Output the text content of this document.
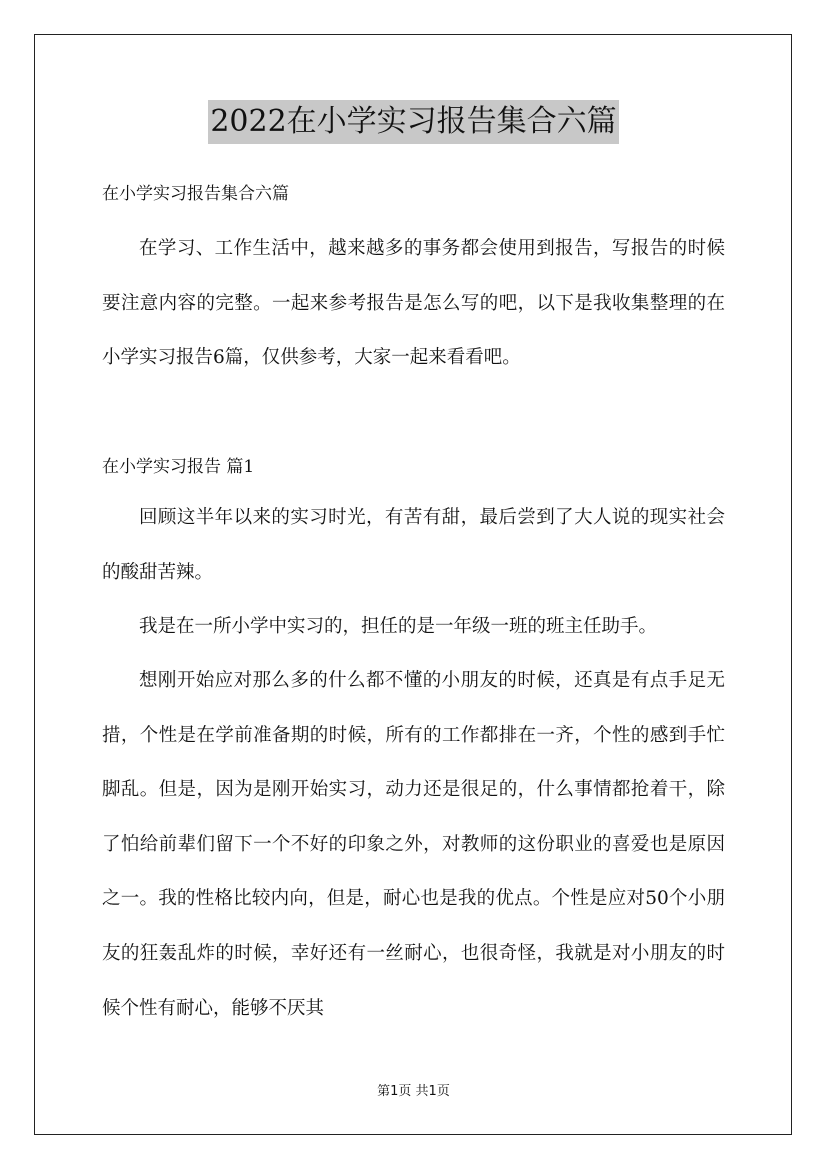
2022在小学实习报告集合六篇
在小学实习报告集合六篇

在学习、工作生活中，越来越多的事务都会使用到报告，写报告的时候要注意内容的完整。一起来参考报告是怎么写的吧，以下是我收集整理的在小学实习报告6篇，仅供参考，大家一起来看看吧。

在小学实习报告 篇1

回顾这半年以来的实习时光，有苦有甜，最后尝到了大人说的现实社会的酸甜苦辣。

我是在一所小学中实习的，担任的是一年级一班的班主任助手。

想刚开始应对那么多的什么都不懂的小朋友的时候，还真是有点手足无措，个性是在学前准备期的时候，所有的工作都排在一齐，个性的感到手忙脚乱。但是，因为是刚开始实习，动力还是很足的，什么事情都抢着干，除了怕给前辈们留下一个不好的印象之外，对教师的这份职业的喜爱也是原因之一。我的性格比较内向，但是，耐心也是我的优点。个性是应对50个小朋友的狂轰乱炸的时候，幸好还有一丝耐心，也很奇怪，我就是对小朋友的时候个性有耐心，能够不厌其

第1页 共1页
